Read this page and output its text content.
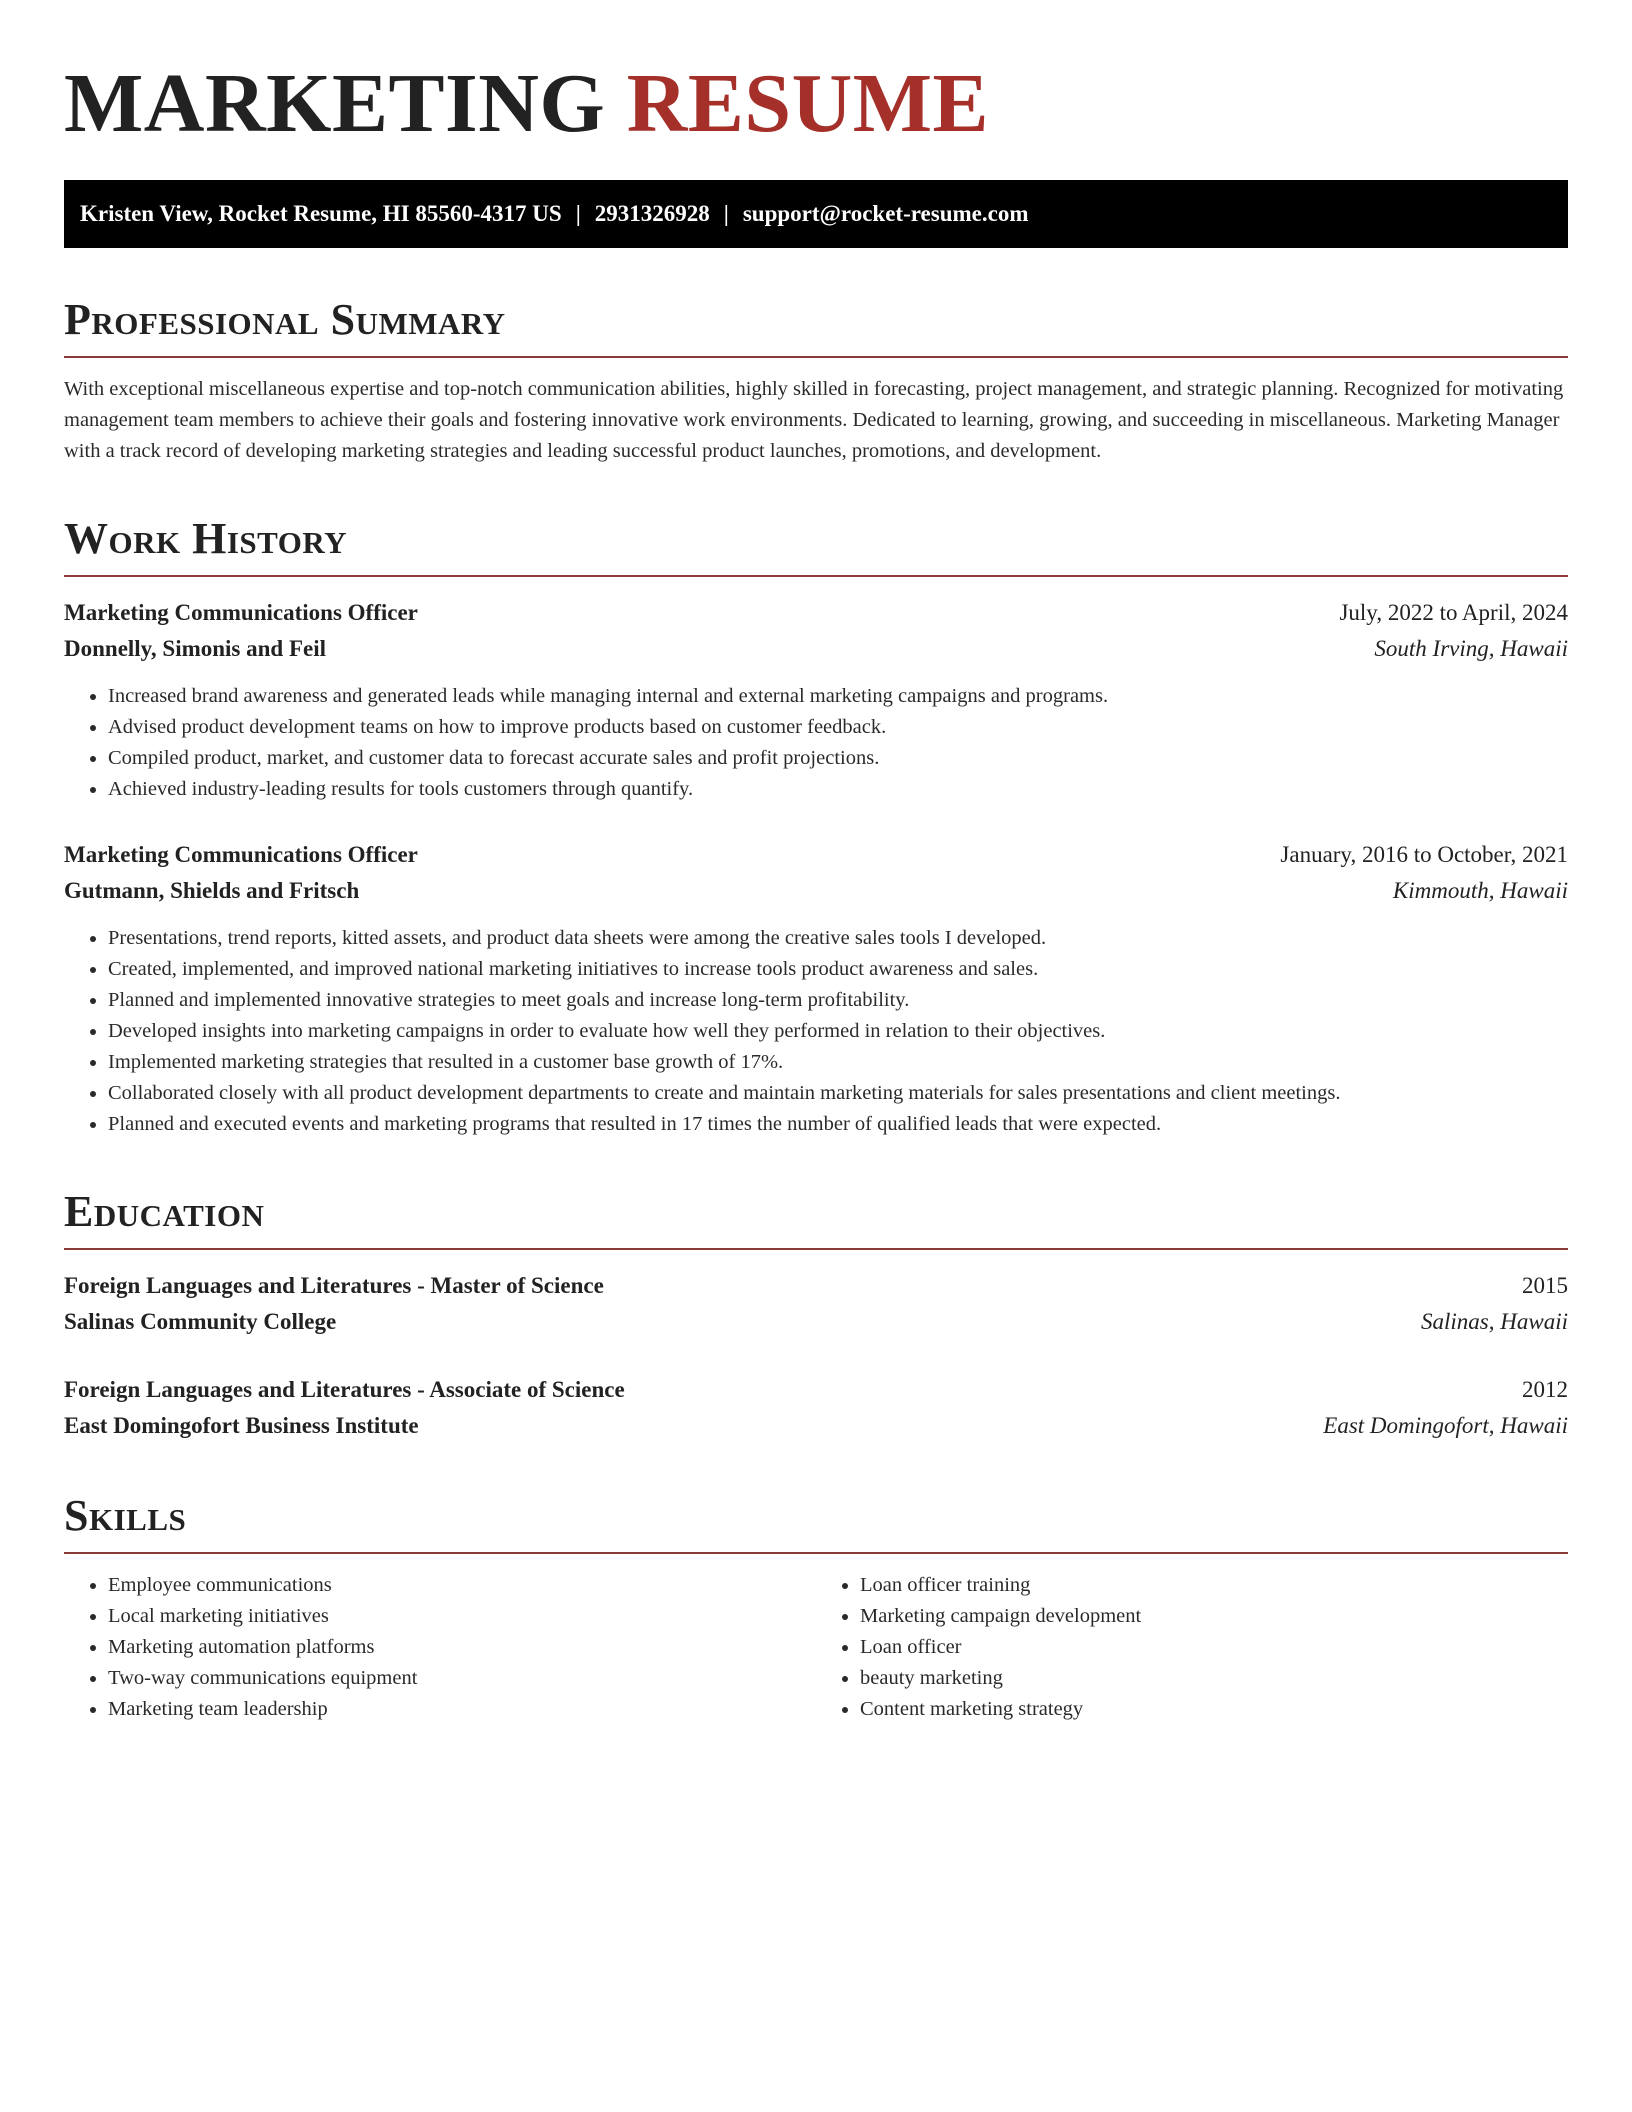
MARKETING RESUME
Kristen View, Rocket Resume, HI 85560-4317 US | 2931326928 | support@rocket-resume.com
Professional Summary

With exceptional miscellaneous expertise and top-notch communication abilities, highly skilled in forecasting, project management, and strategic planning. Recognized for motivating management team members to achieve their goals and fostering innovative work environments. Dedicated to learning, growing, and succeeding in miscellaneous. Marketing Manager with a track record of developing marketing strategies and leading successful product launches, promotions, and development.

Work History
Marketing Communications Officer	July, 2022 to April, 2024
Donnelly, Simonis and Feil	South Irving, Hawaii
• Increased brand awareness and generated leads while managing internal and external marketing campaigns and programs.
• Advised product development teams on how to improve products based on customer feedback.
• Compiled product, market, and customer data to forecast accurate sales and profit projections.
• Achieved industry-leading results for tools customers through quantify.
Marketing Communications Officer	January, 2016 to October, 2021
Gutmann, Shields and Fritsch	Kimmouth, Hawaii
• Presentations, trend reports, kitted assets, and product data sheets were among the creative sales tools I developed.
• Created, implemented, and improved national marketing initiatives to increase tools product awareness and sales.
• Planned and implemented innovative strategies to meet goals and increase long-term profitability.
• Developed insights into marketing campaigns in order to evaluate how well they performed in relation to their objectives.
• Implemented marketing strategies that resulted in a customer base growth of 17%.
• Collaborated closely with all product development departments to create and maintain marketing materials for sales presentations and client meetings.
• Planned and executed events and marketing programs that resulted in 17 times the number of qualified leads that were expected.
Education
Foreign Languages and Literatures - Master of Science	2015
Salinas Community College	Salinas, Hawaii
Foreign Languages and Literatures - Associate of Science	2012
East Domingofort Business Institute	East Domingofort, Hawaii
Skills
• Employee communications
• Local marketing initiatives
• Marketing automation platforms
• Two-way communications equipment
• Marketing team leadership
• Loan officer training
• Marketing campaign development
• Loan officer
• beauty marketing
• Content marketing strategy
